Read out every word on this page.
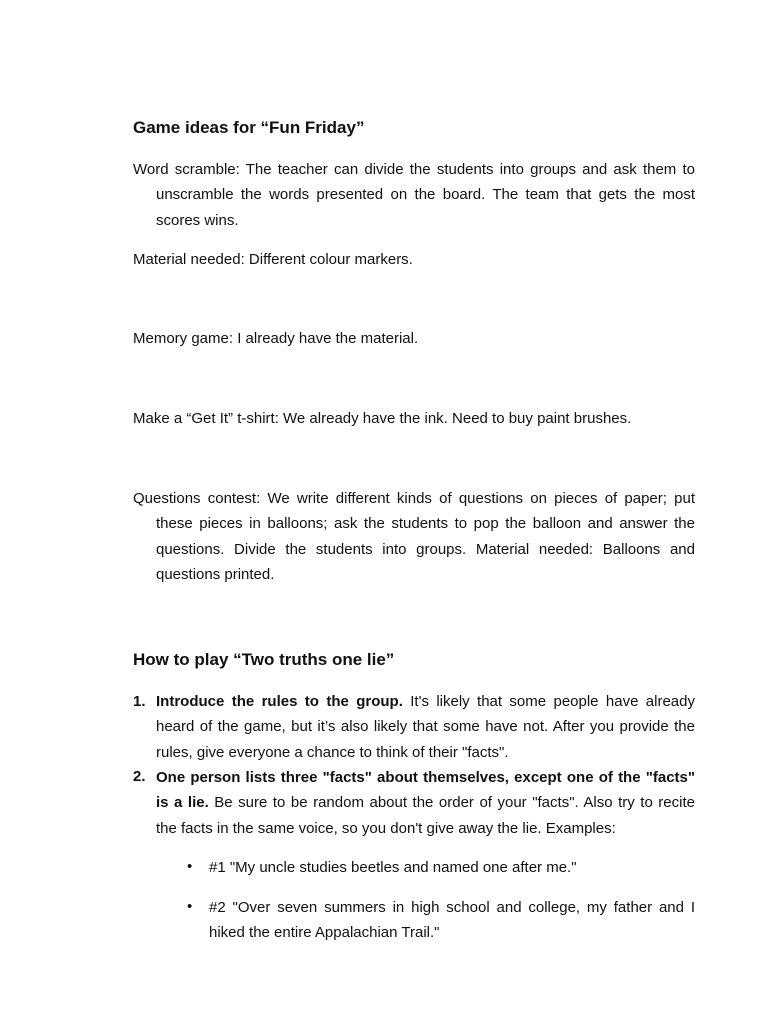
Game ideas for “Fun Friday”
Word scramble: The teacher can divide the students into groups and ask them to unscramble the words presented on the board. The team that gets the most scores wins.
Material needed: Different colour markers.
Memory game: I already have the material.
Make a “Get It” t-shirt: We already have the ink. Need to buy paint brushes.
Questions contest: We write different kinds of questions on pieces of paper; put these pieces in balloons; ask the students to pop the balloon and answer the questions. Divide the students into groups. Material needed: Balloons and questions printed.
How to play “Two truths one lie”
1. Introduce the rules to the group. It's likely that some people have already heard of the game, but it’s also likely that some have not. After you provide the rules, give everyone a chance to think of their "facts".
2. One person lists three "facts" about themselves, except one of the "facts" is a lie. Be sure to be random about the order of your "facts". Also try to recite the facts in the same voice, so you don't give away the lie. Examples:
• #1 "My uncle studies beetles and named one after me."
• #2 "Over seven summers in high school and college, my father and I hiked the entire Appalachian Trail."
